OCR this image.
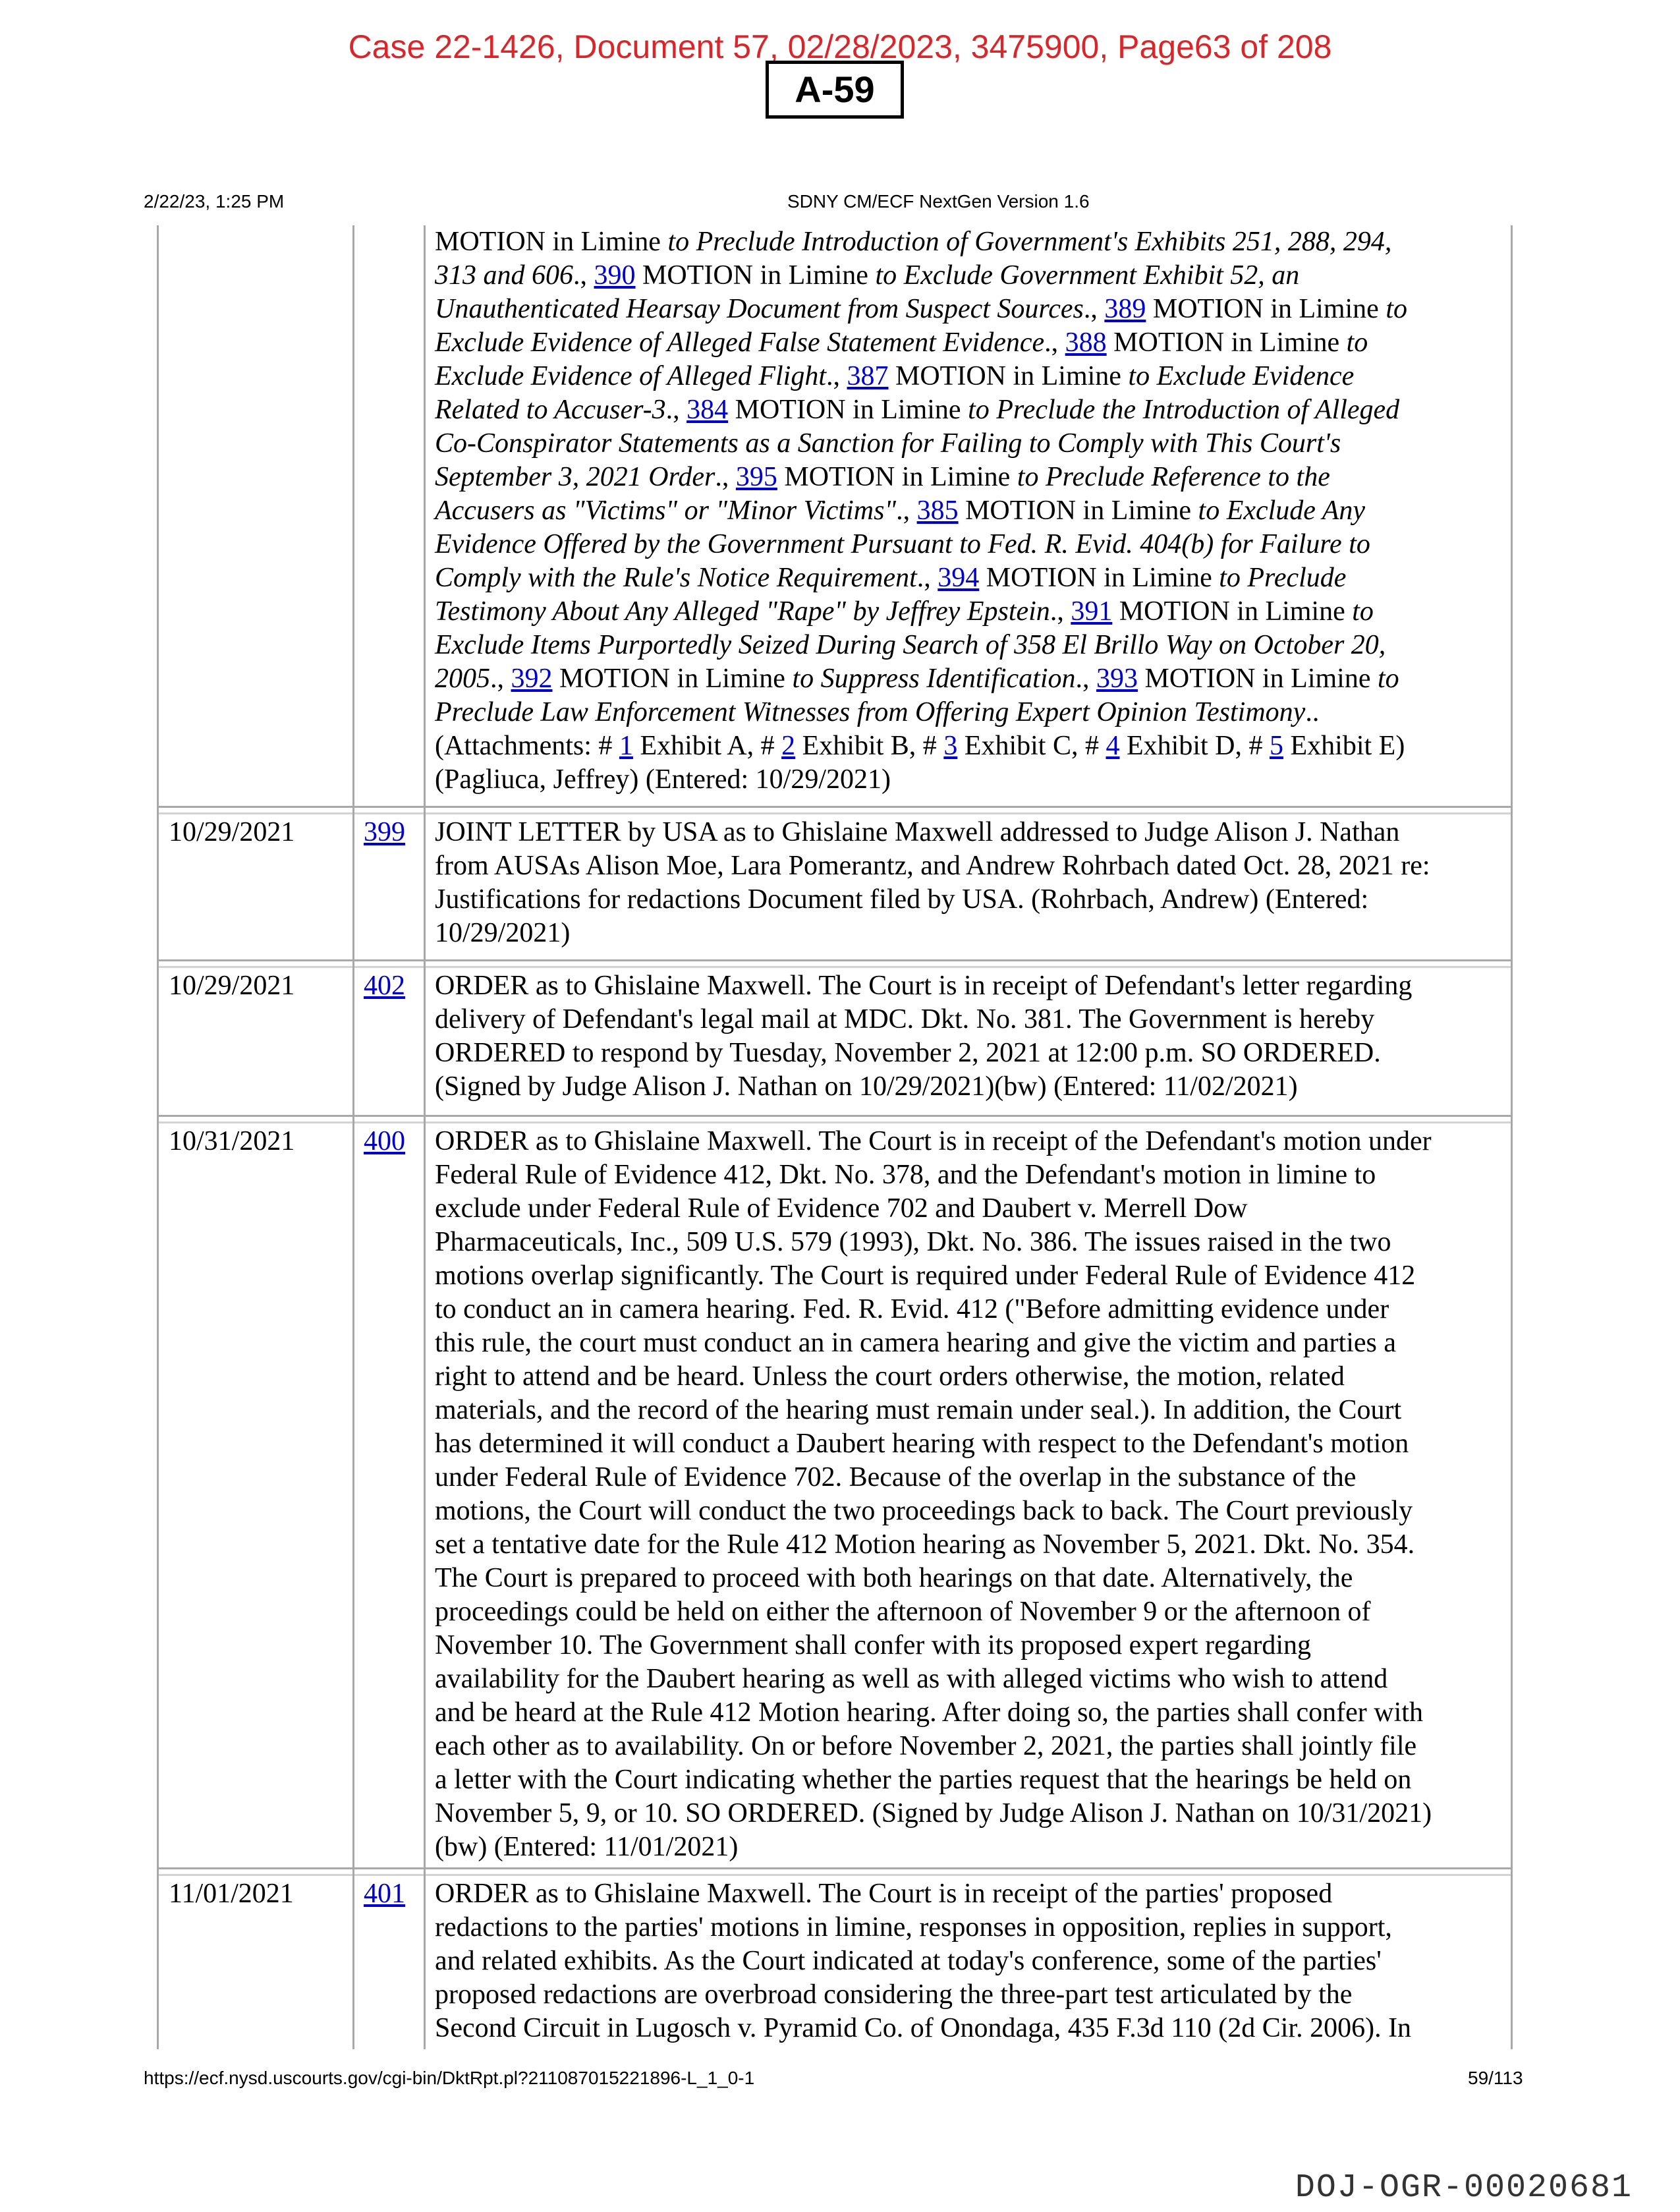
Case 22-1426, Document 57, 02/28/2023, 3475900, Page63 of 208
A-59
2/22/23, 1:25 PM	SDNY CM/ECF NextGen Version 1.6
MOTION in Limine to Preclude Introduction of Government's Exhibits 251, 288, 294,
313 and 606., 390 MOTION in Limine to Exclude Government Exhibit 52, an
Unauthenticated Hearsay Document from Suspect Sources., 389 MOTION in Limine to
Exclude Evidence of Alleged False Statement Evidence., 388 MOTION in Limine to
Exclude Evidence of Alleged Flight., 387 MOTION in Limine to Exclude Evidence
Related to Accuser-3., 384 MOTION in Limine to Preclude the Introduction of Alleged
Co-Conspirator Statements as a Sanction for Failing to Comply with This Court's
September 3, 2021 Order., 395 MOTION in Limine to Preclude Reference to the
Accusers as "Victims" or "Minor Victims"., 385 MOTION in Limine to Exclude Any
Evidence Offered by the Government Pursuant to Fed. R. Evid. 404(b) for Failure to
Comply with the Rule's Notice Requirement., 394 MOTION in Limine to Preclude
Testimony About Any Alleged "Rape" by Jeffrey Epstein., 391 MOTION in Limine to
Exclude Items Purportedly Seized During Search of 358 El Brillo Way on October 20,
2005., 392 MOTION in Limine to Suppress Identification., 393 MOTION in Limine to
Preclude Law Enforcement Witnesses from Offering Expert Opinion Testimony..
(Attachments: # 1 Exhibit A, # 2 Exhibit B, # 3 Exhibit C, # 4 Exhibit D, # 5 Exhibit E)
(Pagliuca, Jeffrey) (Entered: 10/29/2021)
10/29/2021 399 JOINT LETTER by USA as to Ghislaine Maxwell addressed to Judge Alison J. Nathan
from AUSAs Alison Moe, Lara Pomerantz, and Andrew Rohrbach dated Oct. 28, 2021 re:
Justifications for redactions Document filed by USA. (Rohrbach, Andrew) (Entered:
10/29/2021)
10/29/2021 402 ORDER as to Ghislaine Maxwell. The Court is in receipt of Defendant's letter regarding
delivery of Defendant's legal mail at MDC. Dkt. No. 381. The Government is hereby
ORDERED to respond by Tuesday, November 2, 2021 at 12:00 p.m. SO ORDERED.
(Signed by Judge Alison J. Nathan on 10/29/2021)(bw) (Entered: 11/02/2021)
10/31/2021 400 ORDER as to Ghislaine Maxwell. The Court is in receipt of the Defendant's motion under
Federal Rule of Evidence 412, Dkt. No. 378, and the Defendant's motion in limine to
exclude under Federal Rule of Evidence 702 and Daubert v. Merrell Dow
Pharmaceuticals, Inc., 509 U.S. 579 (1993), Dkt. No. 386. The issues raised in the two
motions overlap significantly. The Court is required under Federal Rule of Evidence 412
to conduct an in camera hearing. Fed. R. Evid. 412 ("Before admitting evidence under
this rule, the court must conduct an in camera hearing and give the victim and parties a
right to attend and be heard. Unless the court orders otherwise, the motion, related
materials, and the record of the hearing must remain under seal.). In addition, the Court
has determined it will conduct a Daubert hearing with respect to the Defendant's motion
under Federal Rule of Evidence 702. Because of the overlap in the substance of the
motions, the Court will conduct the two proceedings back to back. The Court previously
set a tentative date for the Rule 412 Motion hearing as November 5, 2021. Dkt. No. 354.
The Court is prepared to proceed with both hearings on that date. Alternatively, the
proceedings could be held on either the afternoon of November 9 or the afternoon of
November 10. The Government shall confer with its proposed expert regarding
availability for the Daubert hearing as well as with alleged victims who wish to attend
and be heard at the Rule 412 Motion hearing. After doing so, the parties shall confer with
each other as to availability. On or before November 2, 2021, the parties shall jointly file
a letter with the Court indicating whether the parties request that the hearings be held on
November 5, 9, or 10. SO ORDERED. (Signed by Judge Alison J. Nathan on 10/31/2021)
(bw) (Entered: 11/01/2021)
11/01/2021	401 ORDER as to Ghislaine Maxwell. The Court is in receipt of the parties' proposed
redactions to the parties' motions in limine, responses in opposition, replies in support,
and related exhibits. As the Court indicated at today's conference, some of the parties'
proposed redactions are overbroad considering the three-part test articulated by the
Second Circuit in Lugosch v. Pyramid Co. of Onondaga, 435 F.3d 110 (2d Cir. 2006). In
https://ecf.nysd.uscourts.gov/cgi-bin/DktRpt.pl?211087015221896-L_1_0-1	59/113
DOJ-OGR-00020681
